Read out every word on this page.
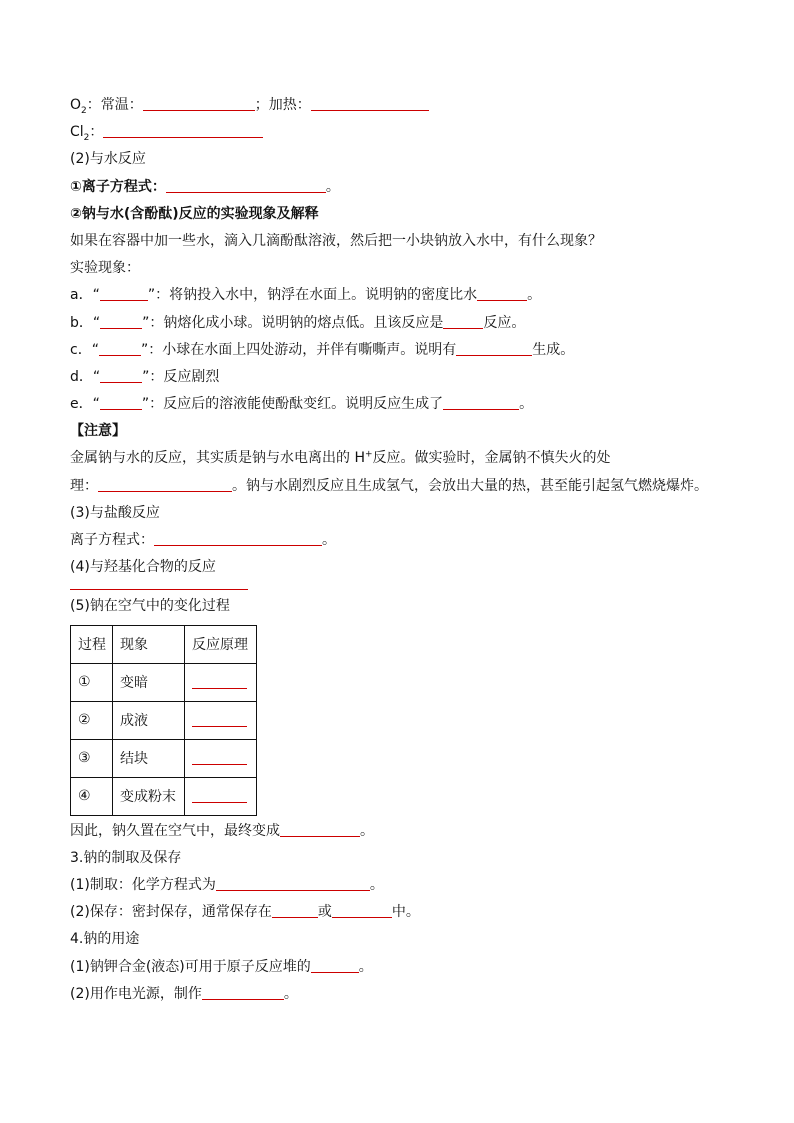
$O_2$：常温：	；加热：
$Cl_2$：
(2)与水反应
①离子方程式：	。
②钠与水(含酚酞)反应的实验现象及解释
如果在容器中加一些水，滴入几滴酚酞溶液，然后把一小块钠放入水中，有什么现象？
实验现象：
a．“	”：将钠投入水中，钠浮在水面上。说明钠的密度比水	。
b．“	”：钠熔化成小球。说明钠的熔点低。且该反应是	反应。
c．“	”：小球在水面上四处游动，并伴有嘶嘶声。说明有	生成。
d．“	”：反应剧烈
e．“	”：反应后的溶液能使酚酞变红。说明反应生成了	。
【注意】
金属钠与水的反应，其实质是钠与水电离出的 H+反应。做实验时，金属钠不慎失火的处
理：	。钠与水剧烈反应且生成氢气，会放出大量的热，甚至能引起氢气燃烧爆炸。
(3)与盐酸反应
离子方程式：	。
(4)与羟基化合物的反应
(5)钠在空气中的变化过程
过程	现象	反应原理
①	变暗	
②	成液	
③	结块	
④	变成粉末	
因此，钠久置在空气中，最终变成	。
3.钠的制取及保存
(1)制取：化学方程式为	。
(2)保存：密封保存，通常保存在	或	中。
4.钠的用途
(1)钠钾合金(液态)可用于原子反应堆的	。
(2)用作电光源，制作	。
